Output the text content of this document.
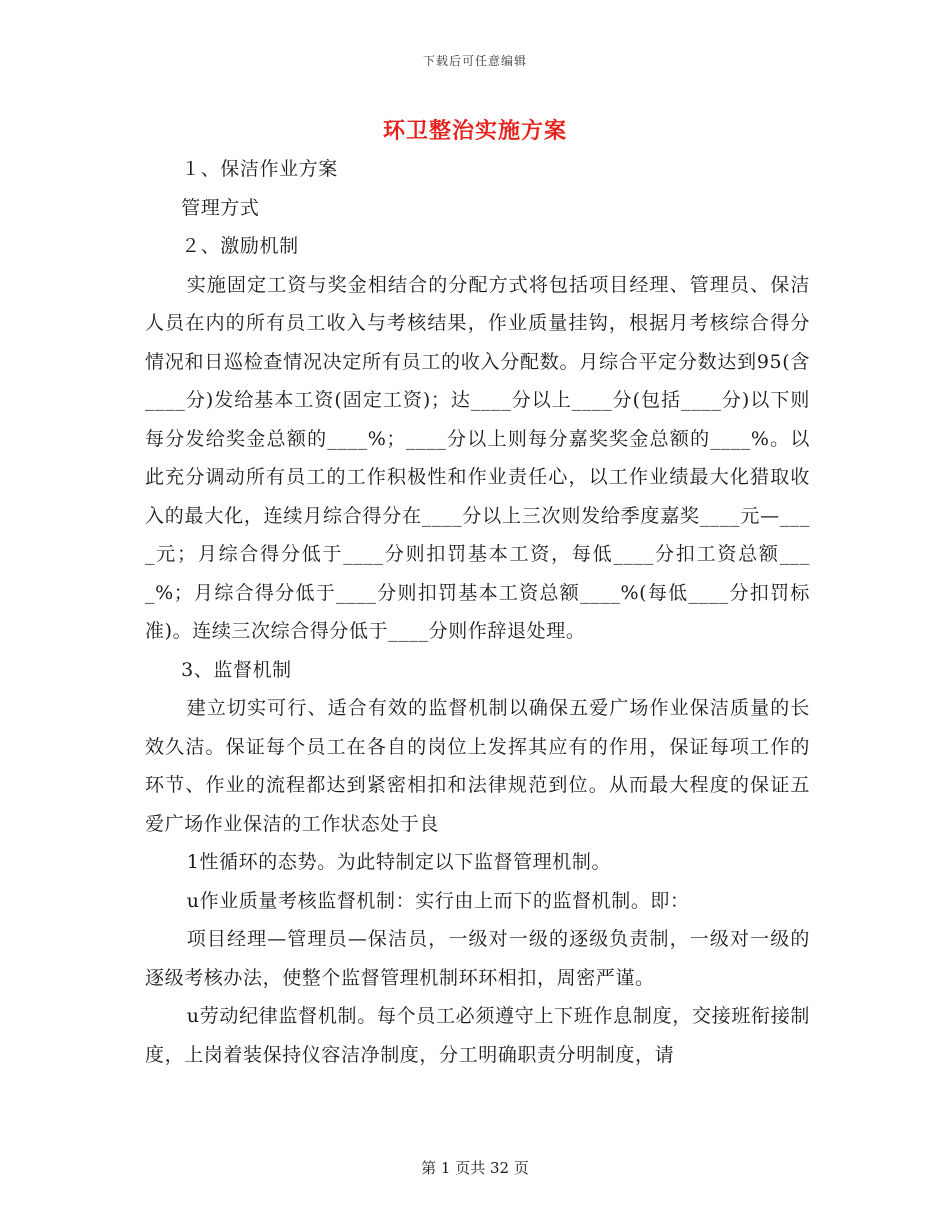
下载后可任意编辑
环卫整治实施方案

１、保洁作业方案

管理方式

２、激励机制

实施固定工资与奖金相结合的分配方式将包括项目经理、管理员、保洁人员在内的所有员工收入与考核结果，作业质量挂钩，根据月考核综合得分情况和日巡检查情况决定所有员工的收入分配数。月综合平定分数达到95(含____分)发给基本工资(固定工资)；达____分以上____分(包括____分)以下则每分发给奖金总额的____%；____分以上则每分嘉奖奖金总额的____%。以此充分调动所有员工的工作积极性和作业责任心，以工作业绩最大化猎取收入的最大化，连续月综合得分在____分以上三次则发给季度嘉奖____元—____元；月综合得分低于____分则扣罚基本工资，每低____分扣工资总额____%；月综合得分低于____分则扣罚基本工资总额____%(每低____分扣罚标准)。连续三次综合得分低于____分则作辞退处理。

3、监督机制

建立切实可行、适合有效的监督机制以确保五爱广场作业保洁质量的长效久洁。保证每个员工在各自的岗位上发挥其应有的作用，保证每项工作的环节、作业的流程都达到紧密相扣和法律规范到位。从而最大程度的保证五爱广场作业保洁的工作状态处于良

1性循环的态势。为此特制定以下监督管理机制。

u作业质量考核监督机制：实行由上而下的监督机制。即：

项目经理—管理员—保洁员，一级对一级的逐级负责制，一级对一级的逐级考核办法，使整个监督管理机制环环相扣，周密严谨。

u劳动纪律监督机制。每个员工必须遵守上下班作息制度，交接班衔接制度，上岗着装保持仪容洁净制度，分工明确职责分明制度，请

第 1 页共 32 页
